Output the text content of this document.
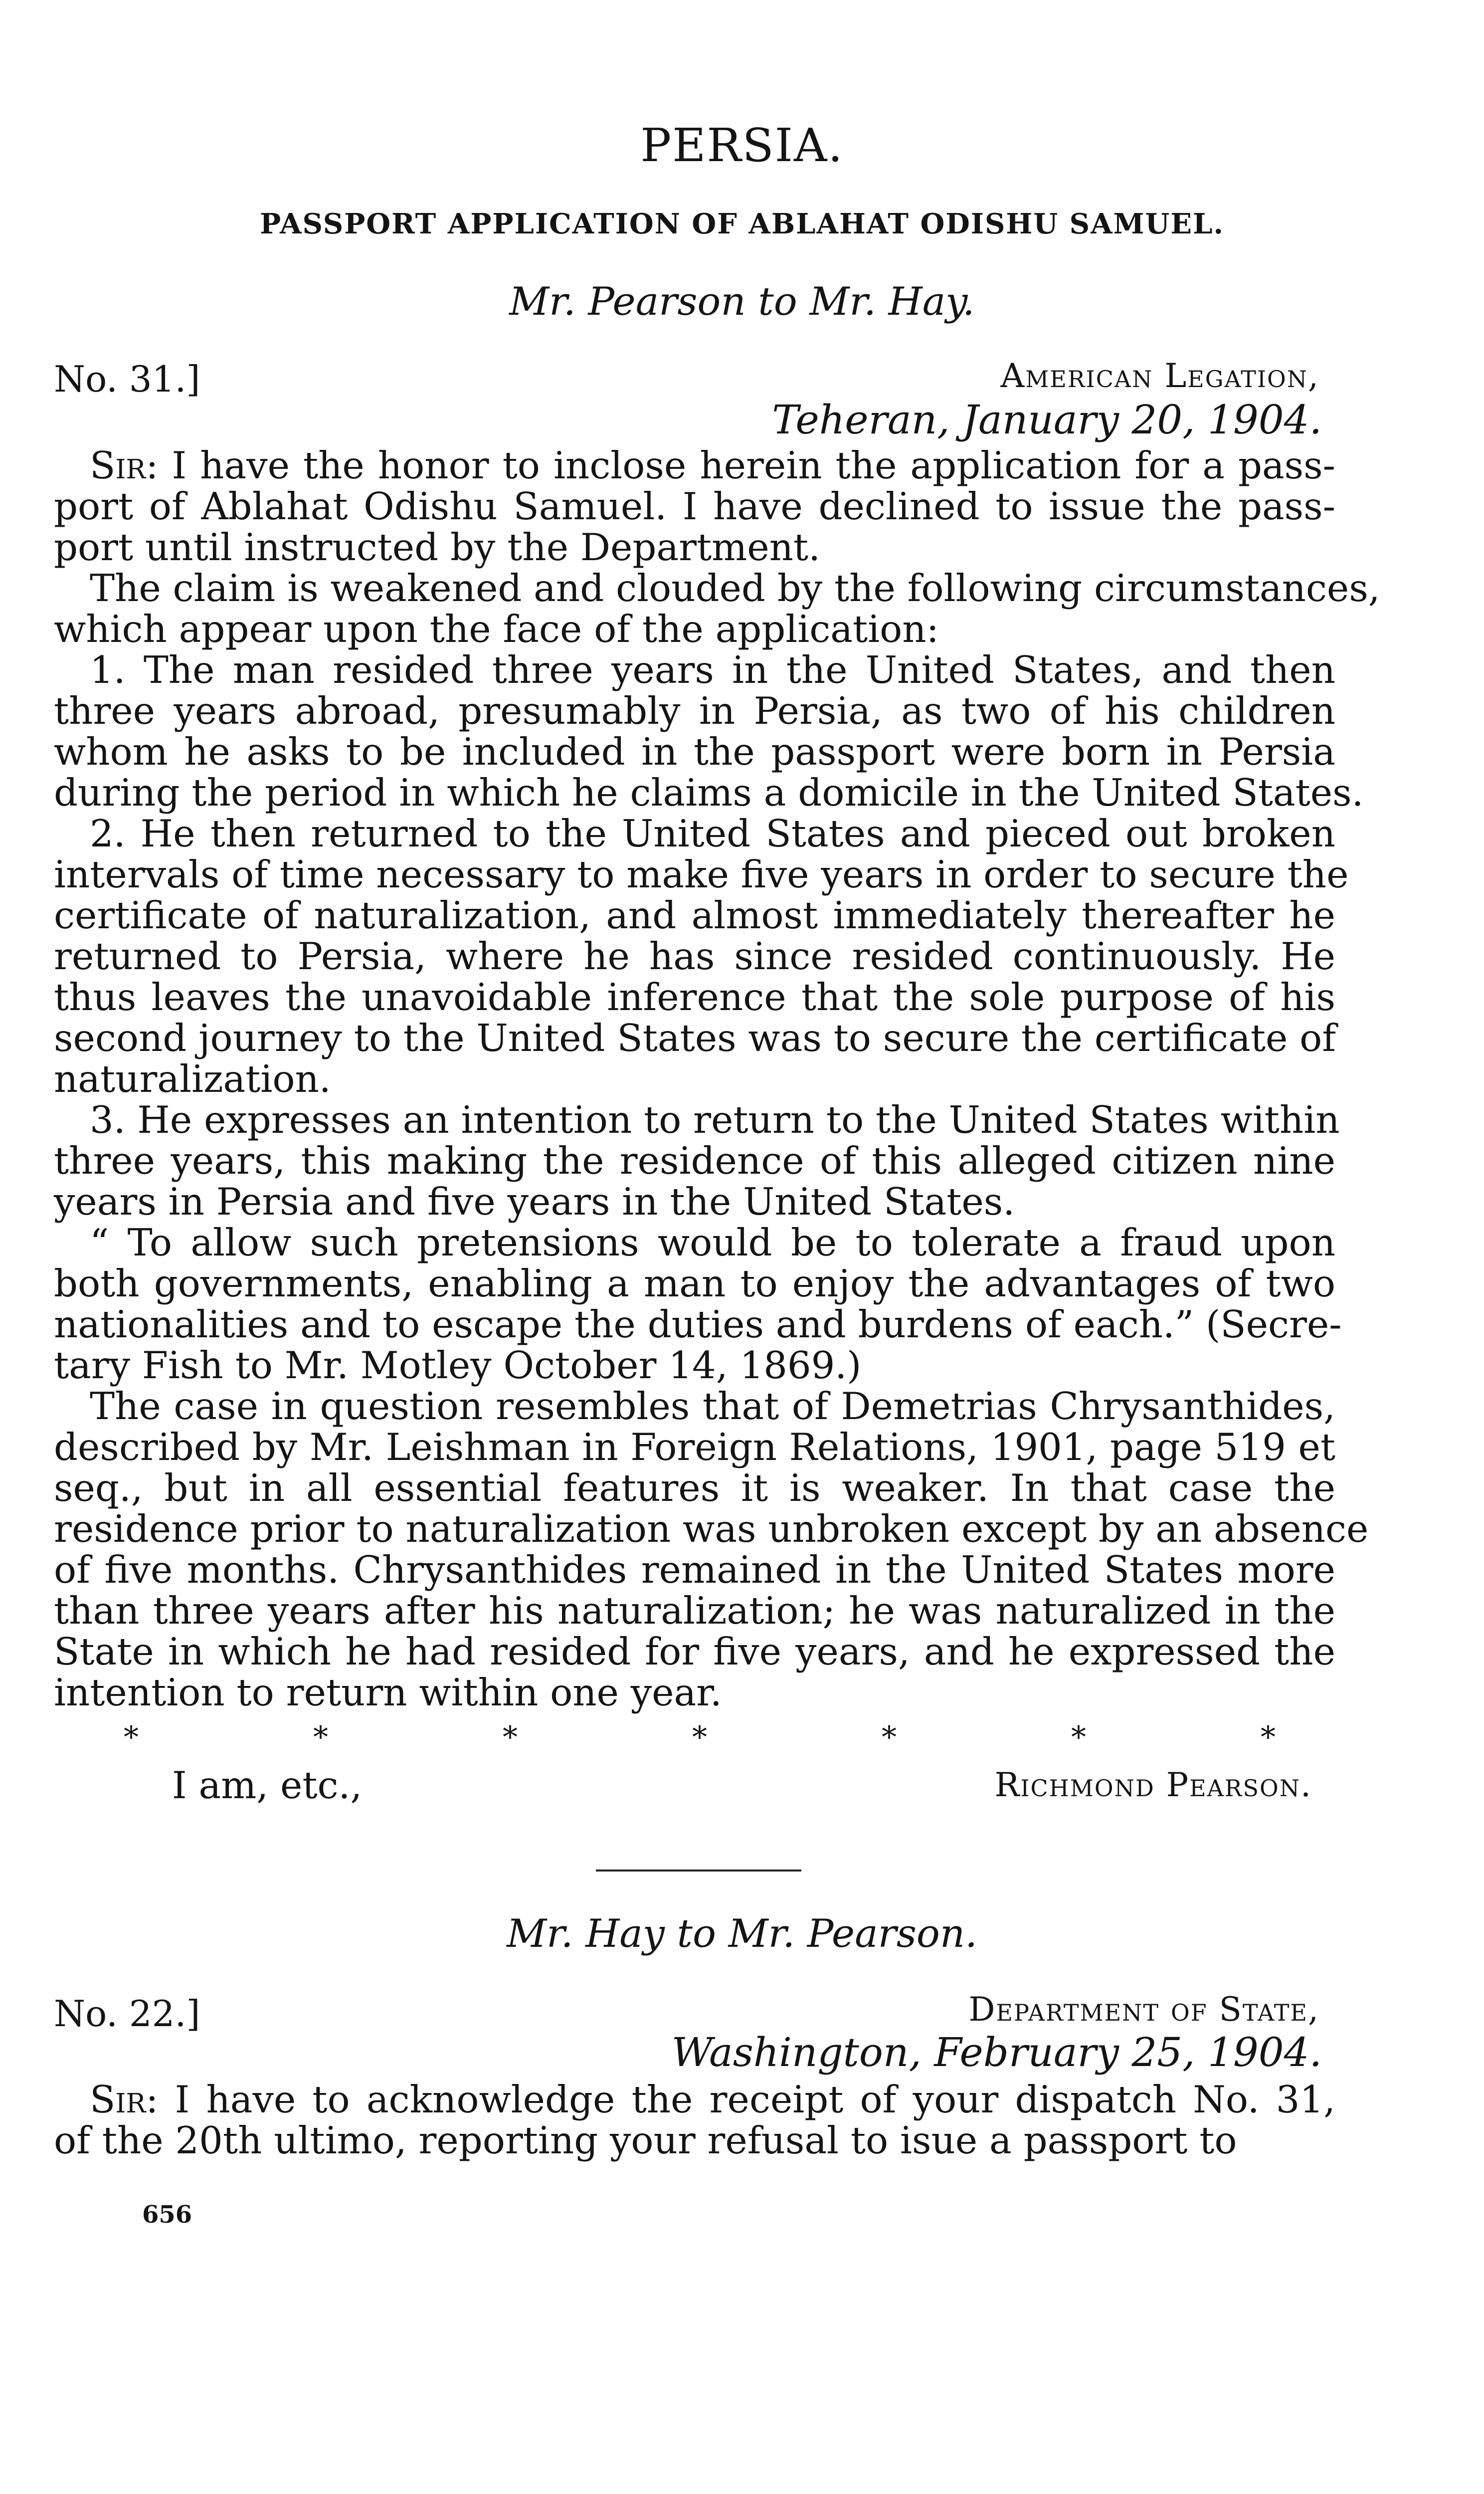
PERSIA.
PASSPORT APPLICATION OF ABLAHAT ODISHU SAMUEL.
Mr. Pearson to Mr. Hay.
No. 31.]	American Legation,
Teheran, January 20, 1904.
Sir: I have the honor to inclose herein the application for a pass-
port of Ablahat Odishu Samuel. I have declined to issue the pass-
port until instructed by the Department.
The claim is weakened and clouded by the following circumstances,
which appear upon the face of the application:
1. The man resided three years in the United States, and then
three years abroad, presumably in Persia, as two of his children
whom he asks to be included in the passport were born in Persia
during the period in which he claims a domicile in the United States.
2. He then returned to the United States and pieced out broken
intervals of time necessary to make five years in order to secure the
certificate of naturalization, and almost immediately thereafter he
returned to Persia, where he has since resided continuously. He
thus leaves the unavoidable inference that the sole purpose of his
second journey to the United States was to secure the certificate of
naturalization.
3. He expresses an intention to return to the United States within
three years, this making the residence of this alleged citizen nine
years in Persia and five years in the United States.
“ To allow such pretensions would be to tolerate a fraud upon
both governments, enabling a man to enjoy the advantages of two
nationalities and to escape the duties and burdens of each.” (Secre-
tary Fish to Mr. Motley October 14, 1869.)
The case in question resembles that of Demetrias Chrysanthides,
described by Mr. Leishman in Foreign Relations, 1901, page 519 et
seq., but in all essential features it is weaker. In that case the
residence prior to naturalization was unbroken except by an absence
of five months. Chrysanthides remained in the United States more
than three years after his naturalization; he was naturalized in the
State in which he had resided for five years, and he expressed the
intention to return within one year.
*	*	*	*	*	*	*
I am, etc.,	Richmond Pearson.
Mr. Hay to Mr. Pearson.
No. 22.]	Department of State,
Washington, February 25, 1904.
Sir: I have to acknowledge the receipt of your dispatch No. 31,
of the 20th ultimo, reporting your refusal to isue a passport to
656
